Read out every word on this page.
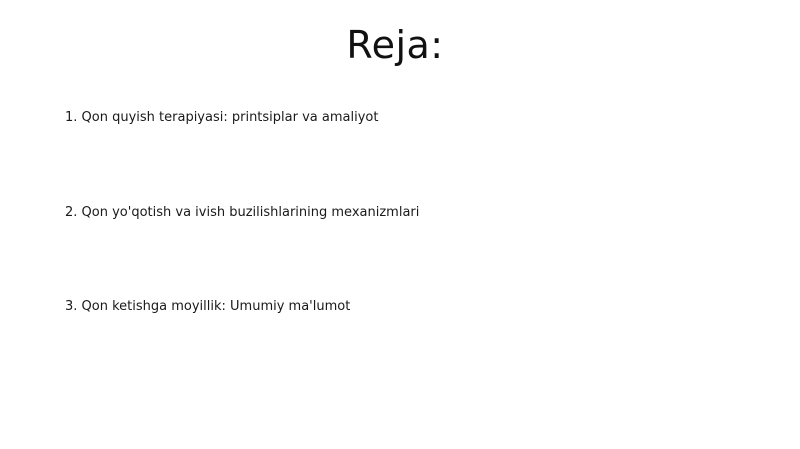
Reja:
1. Qon quyish terapiyasi: printsiplar va amaliyot
2. Qon yo'qotish va ivish buzilishlarining mexanizmlari
3. Qon ketishga moyillik: Umumiy ma'lumot
